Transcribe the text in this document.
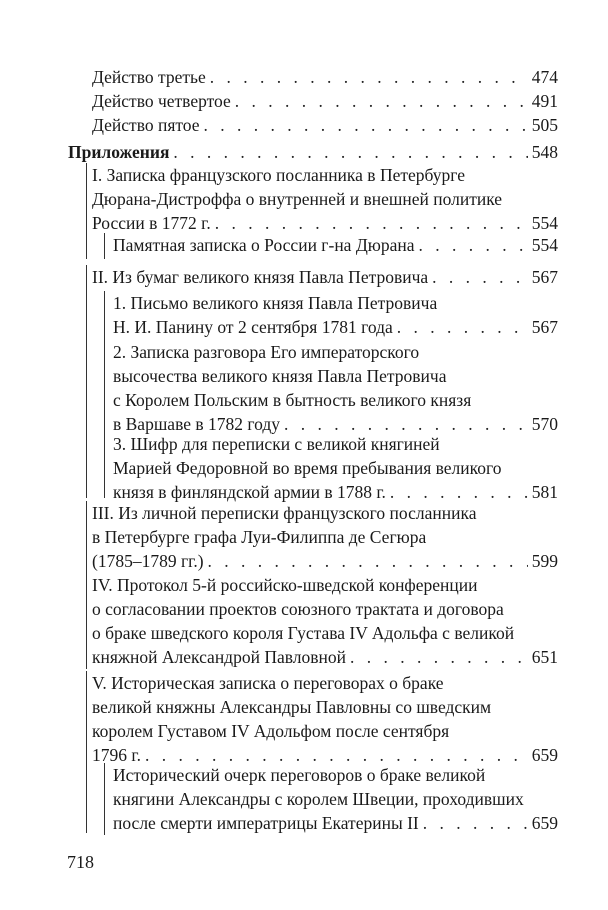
Действо третье . . .	474
Действо четвертое . . .	491
Действо пятое . . .	505
Приложения . . .	548
I. Записка французского посланника в Петербурге
Дюрана-Дистроффа о внутренней и внешней политике
России в 1772 г. . . .	554
Памятная записка о России г-на Дюрана . . .	554
II. Из бумаг великого князя Павла Петровича . . .	567
1. Письмо великого князя Павла Петровича
Н. И. Панину от 2 сентября 1781 года . . .	567
2. Записка разговора Его императорского
высочества великого князя Павла Петровича
с Королем Польским в бытность великого князя
в Варшаве в 1782 году . . .	570
3. Шифр для переписки с великой княгиней
Марией Федоровной во время пребывания великого
князя в финляндской армии в 1788 г. . . .	581
III. Из личной переписки французского посланника
в Петербурге графа Луи-Филиппа де Сегюра
(1785–1789 гг.) . . .	599
IV. Протокол 5-й российско-шведской конференции
о согласовании проектов союзного трактата и договора
о браке шведского короля Густава IV Адольфа с великой
княжной Александрой Павловной . . .	651
V. Историческая записка о переговорах о браке
великой княжны Александры Павловны со шведским
королем Густавом IV Адольфом после сентября
1796 г. . . .	659
Исторический очерк переговоров о браке великой
княгини Александры с королем Швеции, проходивших
после смерти императрицы Екатерины II . . .	659
718
